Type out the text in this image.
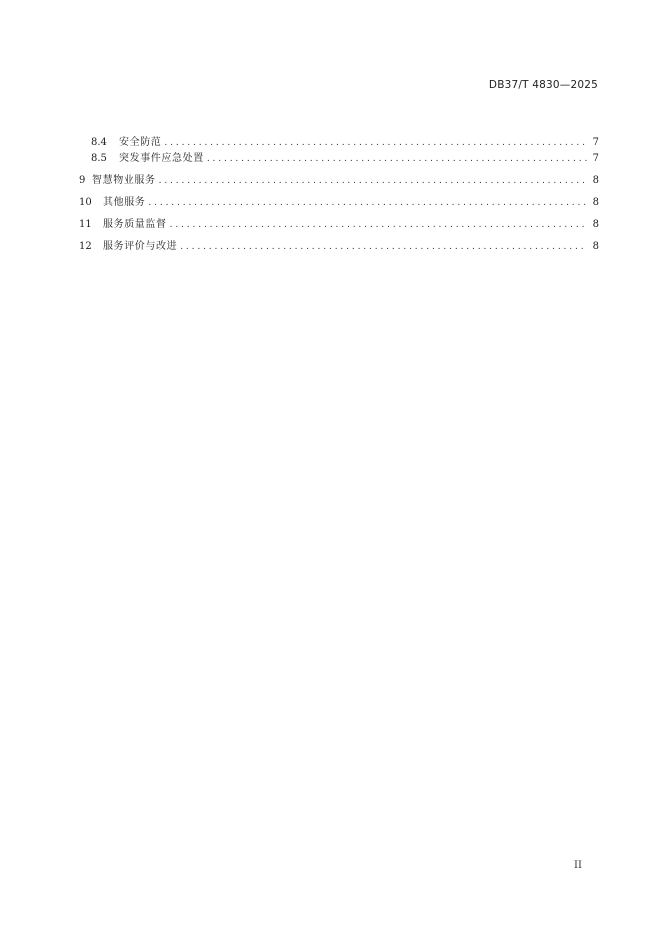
DB37/T 4830—2025
8.4	安全防范 . . .	7
8.5	突发事件应急处置 . . .	7
9 智慧物业服务 . . .	8
10	其他服务 . . .	8
11	服务质量监督 . . .	8
12	服务评价与改进 . . .	8
II
